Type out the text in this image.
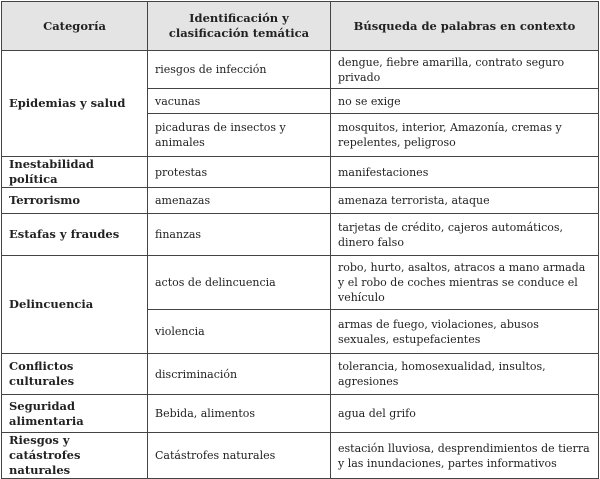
Categoría	Identificación y clasificación temática	Búsqueda de palabras en contexto
Epidemias y salud	riesgos de infección	dengue, fiebre amarilla, contrato seguro privado
	vacunas	no se exige
	picaduras de insectos y animales	mosquitos, interior, Amazonía, cremas y repelentes, peligroso
Inestabilidad política	protestas	manifestaciones
Terrorismo	amenazas	amenaza terrorista, ataque
Estafas y fraudes	finanzas	tarjetas de crédito, cajeros automáticos, dinero falso
Delincuencia	actos de delincuencia	robo, hurto, asaltos, atracos a mano armada y el robo de coches mientras se conduce el vehículo
	violencia	armas de fuego, violaciones, abusos sexuales, estupefacientes
Conflictos culturales	discriminación	tolerancia, homosexualidad, insultos, agresiones
Seguridad alimentaria	Bebida, alimentos	agua del grifo
Riesgos y catástrofes naturales	Catástrofes naturales	estación lluviosa, desprendimientos de tierra y las inundaciones, partes informativos
